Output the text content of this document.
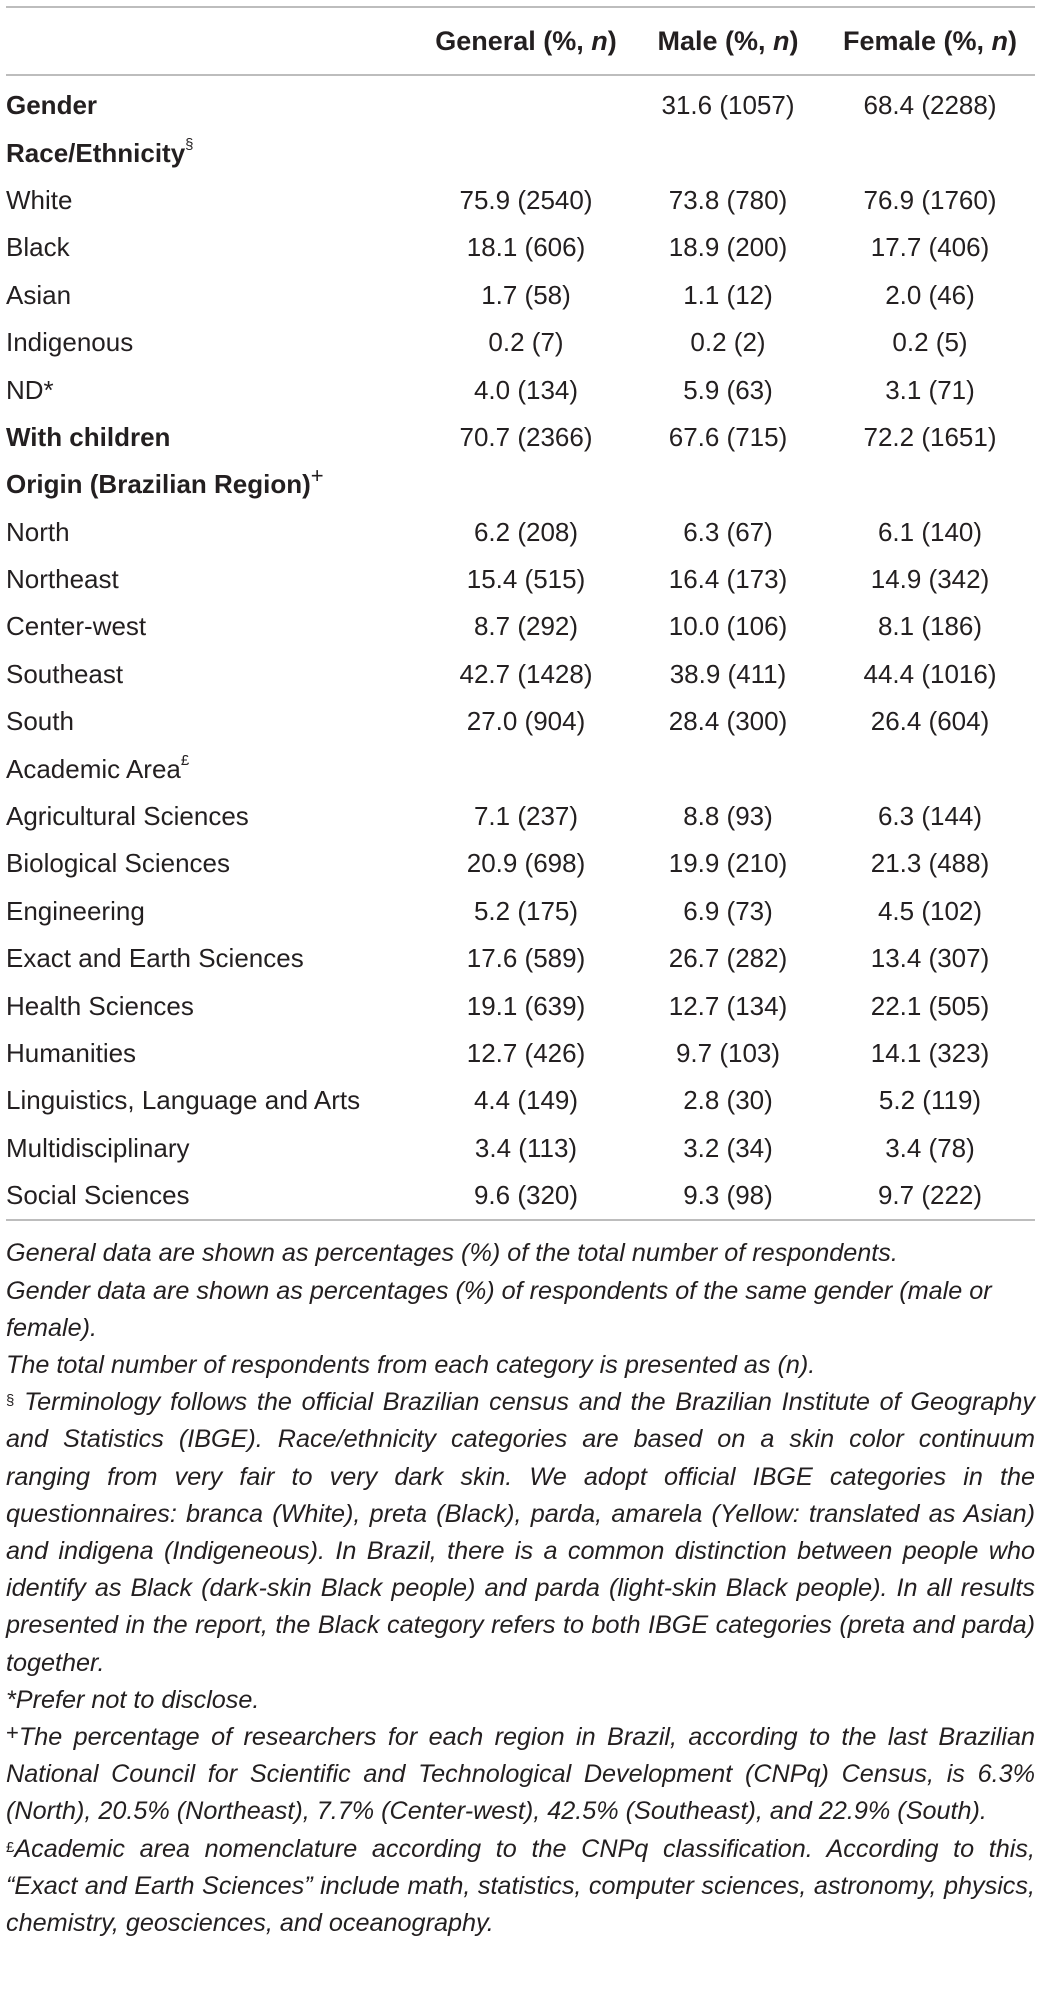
	General (%, n)	Male (%, n)	Female (%, n)
Gender		31.6 (1057)	68.4 (2288)
Race/Ethnicity§			
White	75.9 (2540)	73.8 (780)	76.9 (1760)
Black	18.1 (606)	18.9 (200)	17.7 (406)
Asian	1.7 (58)	1.1 (12)	2.0 (46)
Indigenous	0.2 (7)	0.2 (2)	0.2 (5)
ND*	4.0 (134)	5.9 (63)	3.1 (71)
With children	70.7 (2366)	67.6 (715)	72.2 (1651)
Origin (Brazilian Region)+			
North	6.2 (208)	6.3 (67)	6.1 (140)
Northeast	15.4 (515)	16.4 (173)	14.9 (342)
Center-west	8.7 (292)	10.0 (106)	8.1 (186)
Southeast	42.7 (1428)	38.9 (411)	44.4 (1016)
South	27.0 (904)	28.4 (300)	26.4 (604)
Academic Area£			
Agricultural Sciences	7.1 (237)	8.8 (93)	6.3 (144)
Biological Sciences	20.9 (698)	19.9 (210)	21.3 (488)
Engineering	5.2 (175)	6.9 (73)	4.5 (102)
Exact and Earth Sciences	17.6 (589)	26.7 (282)	13.4 (307)
Health Sciences	19.1 (639)	12.7 (134)	22.1 (505)
Humanities	12.7 (426)	9.7 (103)	14.1 (323)
Linguistics, Language and Arts	4.4 (149)	2.8 (30)	5.2 (119)
Multidisciplinary	3.4 (113)	3.2 (34)	3.4 (78)
Social Sciences	9.6 (320)	9.3 (98)	9.7 (222)

General data are shown as percentages (%) of the total number of respondents.

Gender data are shown as percentages (%) of respondents of the same gender (male or female).

The total number of respondents from each category is presented as (n).

§ Terminology follows the official Brazilian census and the Brazilian Institute of Geography and Statistics (IBGE). Race/ethnicity categories are based on a skin color continuum ranging from very fair to very dark skin. We adopt official IBGE categories in the questionnaires: branca (White), preta (Black), parda, amarela (Yellow: translated as Asian) and indigena (Indigeneous). In Brazil, there is a common distinction between people who identify as Black (dark-skin Black people) and parda (light-skin Black people). In all results presented in the report, the Black category refers to both IBGE categories (preta and parda) together.

*Prefer not to disclose.

+The percentage of researchers for each region in Brazil, according to the last Brazilian National Council for Scientific and Technological Development (CNPq) Census, is 6.3% (North), 20.5% (Northeast), 7.7% (Center-west), 42.5% (Southeast), and 22.9% (South).

£Academic area nomenclature according to the CNPq classification. According to this, “Exact and Earth Sciences” include math, statistics, computer sciences, astronomy, physics, chemistry, geosciences, and oceanography.
